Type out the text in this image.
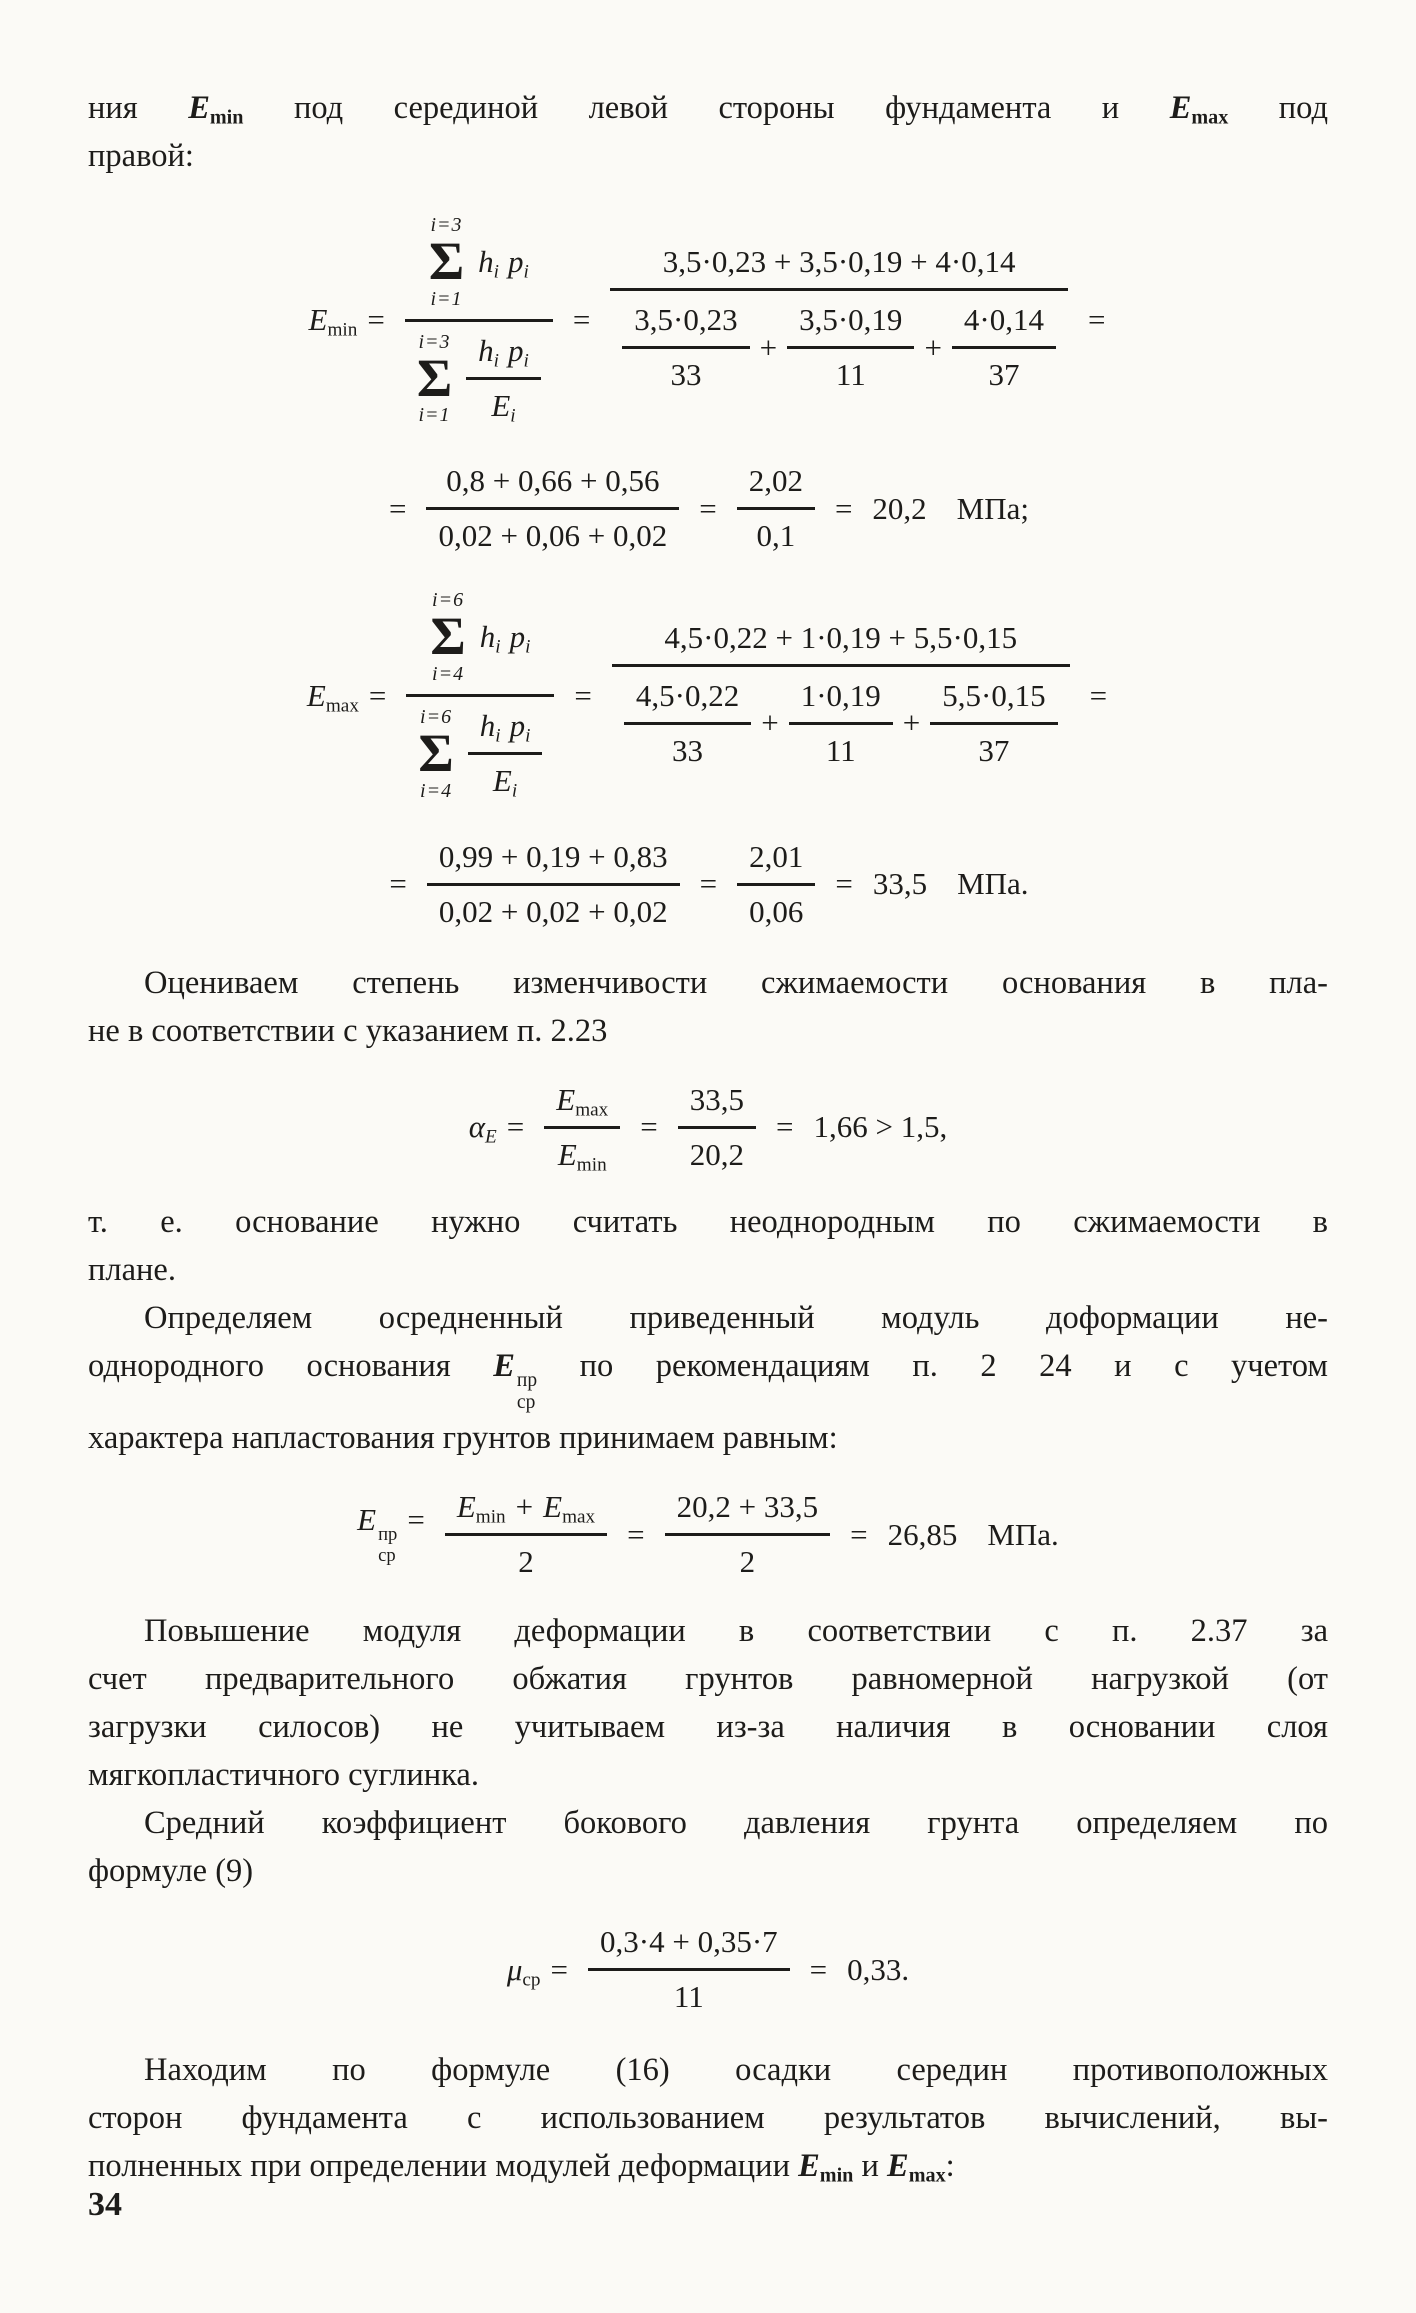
ния $E_{min}$ под серединой левой стороны фундамента и $E_{max}$ под
правой:
$E_{min}$ =
i=3
Σ
i=1
$h_i$ $p_i$
i=3
Σ
$i=1 \frac{h_i p_i}{E_i}$
=
3,5·0,23 + 3,5·0,19 + 4·0,14
$\frac{3,5\cdot 0,23}{33} + \frac{3,5\cdot 0,19}{11} + \frac{4\cdot 0,14}{37}$ =
= $\frac{0,8 + 0,66 + 0,56}{0,02 + 0,06 + 0,02} = \frac{2,02}{0,1} = 20,2$ МПа;
$E_{max}$ =
i=6
Σ
i=4
$h_i$ $p_i$
i=6
Σ
$i=4 \frac{h_i p_i}{E_i}$
=
4,5·0,22 + 1·0,19 + 5,5·0,15
$\frac{4,5\cdot 0,22}{33} + \frac{1\cdot 0,19}{11} + \frac{5,5\cdot 0,15}{37}$ =
= $\frac{0,99 + 0,19 + 0,83}{0,02 + 0,02 + 0,02} = \frac{2,01}{0,06} = 33,5$ МПа.
Оцениваем степень изменчивости сжимаемости основания в пла-
не в соответствии с указанием п. 2.23
$\alpha_E = \frac{E_{max}}{E_{min}} = \frac{33,5}{20,2} = 1,66 > 1,5$,
т. е. основание нужно считать неоднородным по сжимаемости в
плане.
Определяем осредненный приведенный модуль доформации не-
однородного основания E пр
ср
по рекомендациям п. 2 24 и с учетом
характера напластования грунтов принимаем равным:
E пр
ср
= $\frac{E_{min} + E_{max}}{2} = \frac{20,2 + 33,5}{2} = 26,85$ МПа.
Повышение модуля деформации в соответствии с п. 2.37 за
счет предварительного обжатия грунтов равномерной нагрузкой (от
загрузки силосов) не учитываем из-за наличия в основании слоя
мягкопластичного суглинка.
Средний коэффициент бокового давления грунта определяем по
формуле (9)
$\mu_{ср} = \frac{0,3\cdot 4 + 0,35\cdot 7}{11} = 0,33$.
Находим по формуле (16) осадки середин противоположных
сторон фундамента с использованием результатов вычислений, вы-
полненных при определении модулей деформации $E_{min}$ и $E_{max}$:
34
